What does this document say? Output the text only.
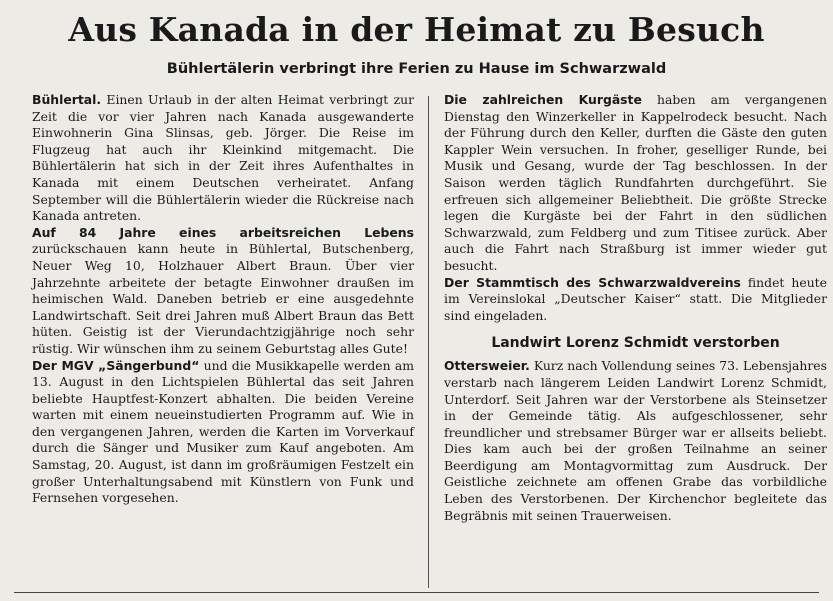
Aus Kanada in der Heimat zu Besuch
Bühlertälerin verbringt ihre Ferien zu Hause im Schwarzwald

Bühlertal. Einen Urlaub in der alten Heimat verbringt zur Zeit die vor vier Jahren nach Kanada ausgewanderte Einwohnerin Gina Slinsas, geb. Jörger. Die Reise im Flugzeug hat auch ihr Kleinkind mitgemacht. Die Bühlertälerin hat sich in der Zeit ihres Aufenthaltes in Kanada mit einem Deutschen verheiratet. Anfang September will die Bühlertälerin wieder die Rückreise nach Kanada antreten.

Auf 84 Jahre eines arbeitsreichen Lebens zurückschauen kann heute in Bühlertal, Butschenberg, Neuer Weg 10, Holzhauer Albert Braun. Über vier Jahrzehnte arbeitete der betagte Einwohner draußen im heimischen Wald. Daneben betrieb er eine ausgedehnte Landwirtschaft. Seit drei Jahren muß Albert Braun das Bett hüten. Geistig ist der Vierundachtzigjährige noch sehr rüstig. Wir wünschen ihm zu seinem Geburtstag alles Gute!

Der MGV „Sängerbund“ und die Musikkapelle werden am 13. August in den Lichtspielen Bühlertal das seit Jahren beliebte Hauptfest-Konzert abhalten. Die beiden Vereine warten mit einem neueinstudierten Programm auf. Wie in den vergangenen Jahren, werden die Karten im Vorverkauf durch die Sänger und Musiker zum Kauf angeboten. Am Samstag, 20. August, ist dann im großräumigen Festzelt ein großer Unterhaltungsabend mit Künstlern von Funk und Fernsehen vorgesehen.

Die zahlreichen Kurgäste haben am vergangenen Dienstag den Winzerkeller in Kappelrodeck besucht. Nach der Führung durch den Keller, durften die Gäste den guten Kappler Wein versuchen. In froher, geselliger Runde, bei Musik und Gesang, wurde der Tag beschlossen. In der Saison werden täglich Rundfahrten durchgeführt. Sie erfreuen sich allgemeiner Beliebtheit. Die größte Strecke legen die Kurgäste bei der Fahrt in den südlichen Schwarzwald, zum Feldberg und zum Titisee zurück. Aber auch die Fahrt nach Straßburg ist immer wieder gut besucht.

Der Stammtisch des Schwarzwaldvereins findet heute im Vereinslokal „Deutscher Kaiser“ statt. Die Mitglieder sind eingeladen.

Landwirt Lorenz Schmidt verstorben

Ottersweier. Kurz nach Vollendung seines 73. Lebensjahres verstarb nach längerem Leiden Landwirt Lorenz Schmidt, Unterdorf. Seit Jahren war der Verstorbene als Steinsetzer in der Gemeinde tätig. Als aufgeschlossener, sehr freundlicher und strebsamer Bürger war er allseits beliebt. Dies kam auch bei der großen Teilnahme an seiner Beerdigung am Montagvormittag zum Ausdruck. Der Geistliche zeichnete am offenen Grabe das vorbildliche Leben des Verstorbenen. Der Kirchenchor begleitete das Begräbnis mit seinen Trauerweisen.
